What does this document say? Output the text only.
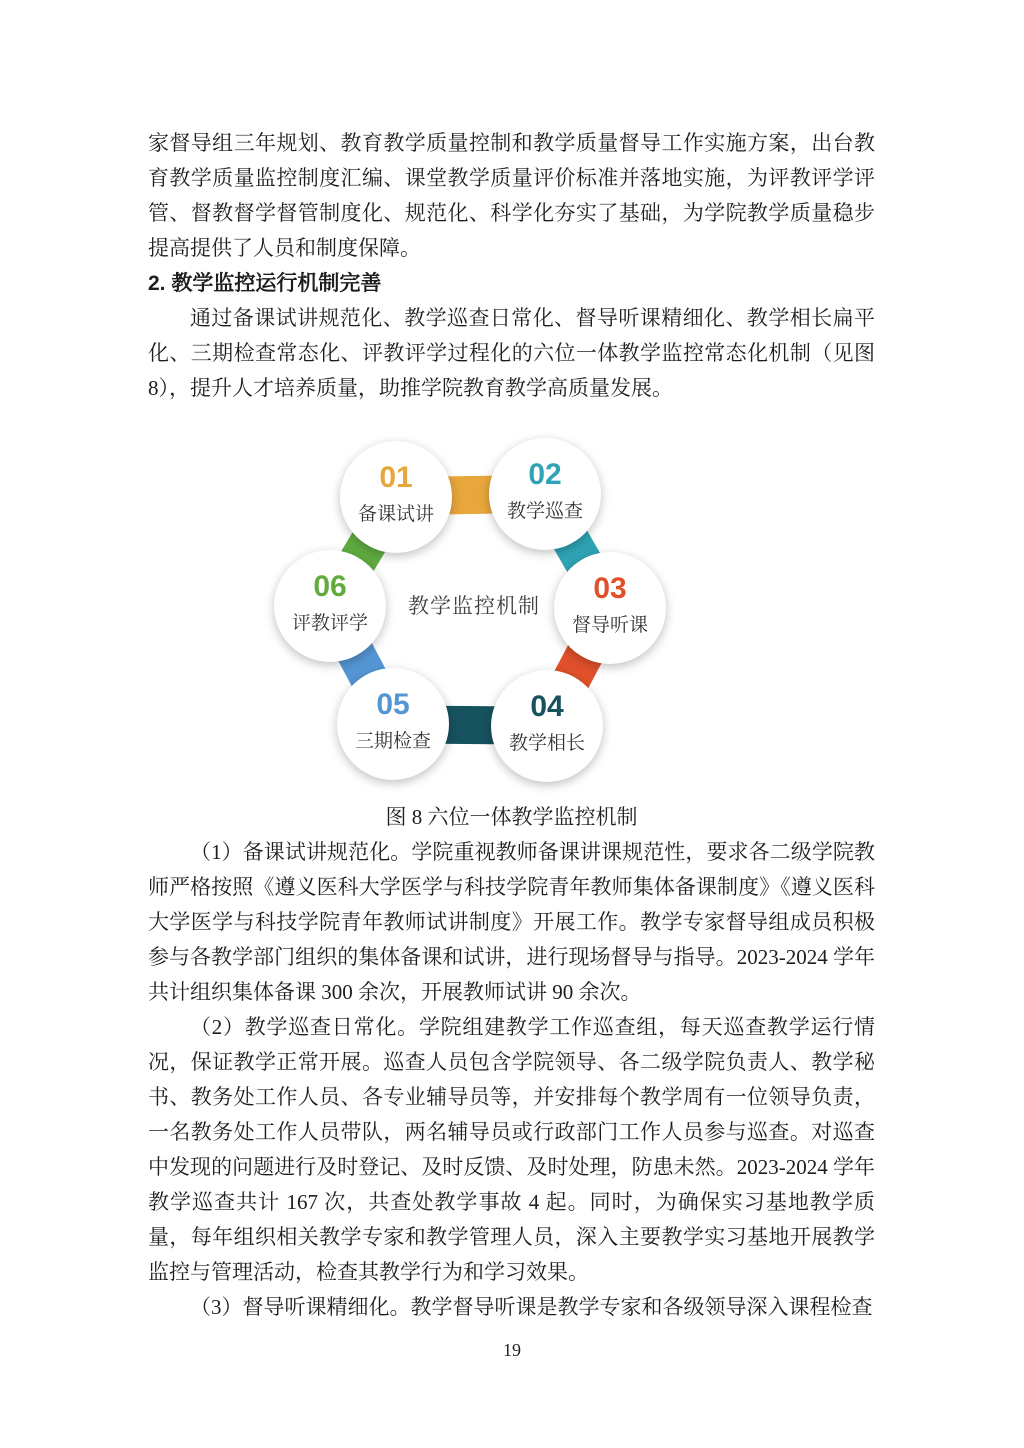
家督导组三年规划、教育教学质量控制和教学质量督导工作实施方案，出台教育教学质量监控制度汇编、课堂教学质量评价标准并落地实施，为评教评学评管、督教督学督管制度化、规范化、科学化夯实了基础，为学院教学质量稳步提高提供了人员和制度保障。

2. 教学监控运行机制完善

通过备课试讲规范化、教学巡查日常化、督导听课精细化、教学相长扁平化、三期检查常态化、评教评学过程化的六位一体教学监控常态化机制（见图 8），提升人才培养质量，助推学院教育教学高质量发展。

01
备课试讲
02
教学巡查
03
督导听课
04
教学相长
05
三期检查
06
评教评学
教学监控机制

图 8 六位一体教学监控机制

（1）备课试讲规范化。学院重视教师备课讲课规范性，要求各二级学院教师严格按照《遵义医科大学医学与科技学院青年教师集体备课制度》《遵义医科大学医学与科技学院青年教师试讲制度》开展工作。教学专家督导组成员积极参与各教学部门组织的集体备课和试讲，进行现场督导与指导。2023-2024 学年共计组织集体备课 300 余次，开展教师试讲 90 余次。

（2）教学巡查日常化。学院组建教学工作巡查组，每天巡查教学运行情况，保证教学正常开展。巡查人员包含学院领导、各二级学院负责人、教学秘书、教务处工作人员、各专业辅导员等，并安排每个教学周有一位领导负责，一名教务处工作人员带队，两名辅导员或行政部门工作人员参与巡查。对巡查中发现的问题进行及时登记、及时反馈、及时处理，防患未然。2023-2024 学年教学巡查共计 167 次，共查处教学事故 4 起。同时，为确保实习基地教学质量，每年组织相关教学专家和教学管理人员，深入主要教学实习基地开展教学监控与管理活动，检查其教学行为和学习效果。

（3）督导听课精细化。教学督导听课是教学专家和各级领导深入课程检查

19
